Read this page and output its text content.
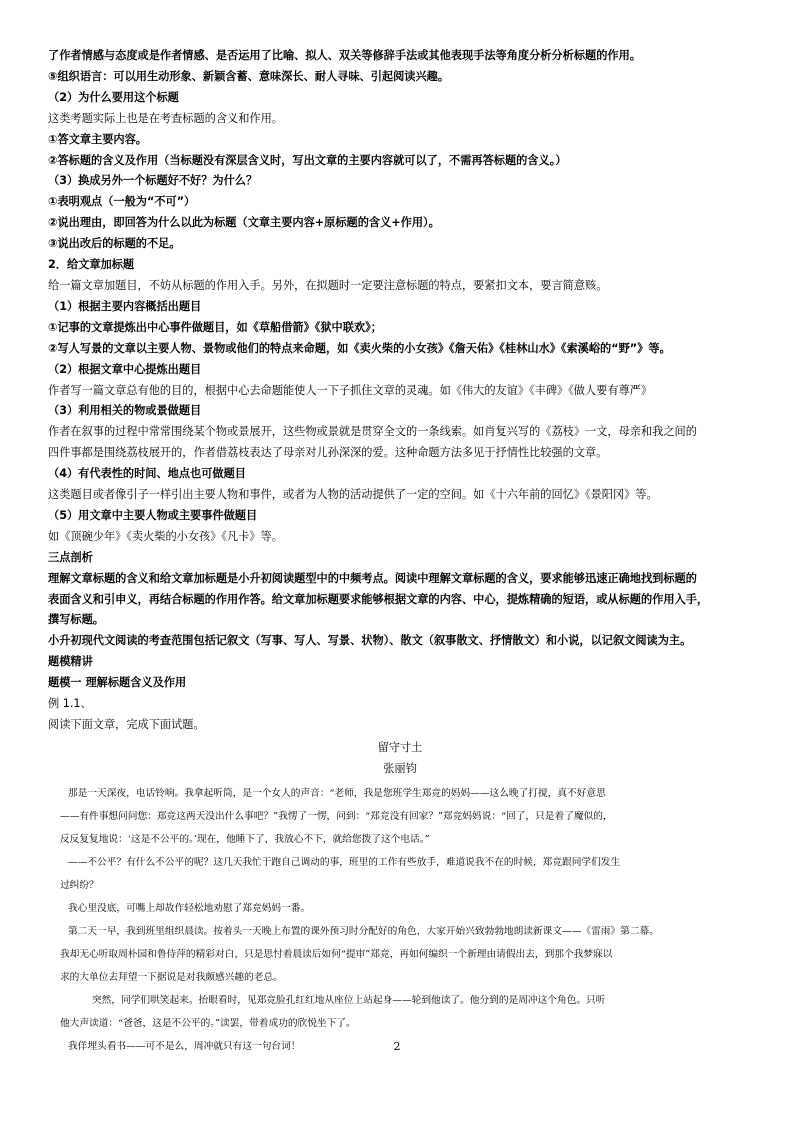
了作者情感与态度或是作者情感、是否运用了比喻、拟人、双关等修辞手法或其他表现手法等角度分析分析标题的作用。
⑤组织语言：可以用生动形象、新颖含蓄、意味深长、耐人寻味、引起阅读兴趣。
（2）为什么要用这个标题
这类考题实际上也是在考查标题的含义和作用。
①答文章主要内容。
②答标题的含义及作用（当标题没有深层含义时，写出文章的主要内容就可以了，不需再答标题的含义。）
（3）换成另外一个标题好不好？为什么？
①表明观点（一般为“不可”）
②说出理由，即回答为什么以此为标题（文章主要内容+原标题的含义+作用）。
③说出改后的标题的不足。
2．给文章加标题
给一篇文章加题目，不妨从标题的作用入手。另外，在拟题时一定要注意标题的特点，要紧扣文本，要言简意赅。
（1）根据主要内容概括出题目
①记事的文章提炼出中心事件做题目，如《草船借箭》《狱中联欢》；
②写人写景的文章以主要人物、景物或他们的特点来命题，如《卖火柴的小女孩》《詹天佑》《桂林山水》《索溪峪的“野”》等。
（2）根据文章中心提炼出题目
作者写一篇文章总有他的目的，根据中心去命题能使人一下子抓住文章的灵魂。如《伟大的友谊》《丰碑》《做人要有尊严》
（3）利用相关的物或景做题目
作者在叙事的过程中常常围绕某个物或景展开，这些物或景就是贯穿全文的一条线索。如肖复兴写的《荔枝》一文，母亲和我之间的
四件事都是围绕荔枝展开的，作者借荔枝表达了母亲对儿孙深深的爱。这种命题方法多见于抒情性比较强的文章。
（4）有代表性的时间、地点也可做题目
这类题目或者像引子一样引出主要人物和事件，或者为人物的活动提供了一定的空间。如《十六年前的回忆》《景阳冈》等。
（5）用文章中主要人物或主要事件做题目
如《顶碗少年》《卖火柴的小女孩》《凡卡》等。
三点剖析
理解文章标题的含义和给文章加标题是小升初阅读题型中的中频考点。阅读中理解文章标题的含义，要求能够迅速正确地找到标题的
表面含义和引申义，再结合标题的作用作答。给文章加标题要求能够根据文章的内容、中心，提炼精确的短语，或从标题的作用入手，
撰写标题。
小升初现代文阅读的考查范围包括记叙文（写事、写人、写景、状物）、散文（叙事散文、抒情散文）和小说，以记叙文阅读为主。
题模精讲
题模一 理解标题含义及作用
例 1.1、
阅读下面文章，完成下面试题。
留守寸土
张丽钧
那是一天深夜，电话铃响。我拿起听筒，是一个女人的声音：“老师，我是您班学生郑竞的妈妈——这么晚了打搅，真不好意思
——有件事想问问您：郑竞这两天没出什么事吧？”我愣了一愣，问到：“郑竞没有回家？”郑竞妈妈说：“回了，只是着了魔似的，
反反复复地说：‘这是不公平的。’现在，他睡下了，我放心不下，就给您拨了这个电话。”
——不公平？有什么不公平的呢？这几天我忙于跑自己调动的事，班里的工作有些放手，难道说我不在的时候，郑竞跟同学们发生
过纠纷？
我心里没底，可嘴上却故作轻松地劝慰了郑竞妈妈一番。
第二天一早，我到班里组织晨读。按着头一天晚上布置的课外预习时分配好的角色，大家开始兴致勃勃地朗读新课文——《雷雨》第二幕。
我却无心听取周朴园和鲁侍萍的精彩对白，只是思忖着晨读后如何“提审”郑竞，再如何编织一个新理由请假出去，到那个我梦寐以
求的大单位去拜望一下据说是对我颇感兴趣的老总。
突然，同学们哄笑起来。抬眼看时，见郑竞脸孔红红地从座位上站起身——轮到他读了。他分到的是周冲这个角色。只听
他大声读道：“爸爸，这是不公平的。”读罢，带着成功的欣悦坐下了。
我佯埋头看书——可不是么，周冲就只有这一句台词！	2
